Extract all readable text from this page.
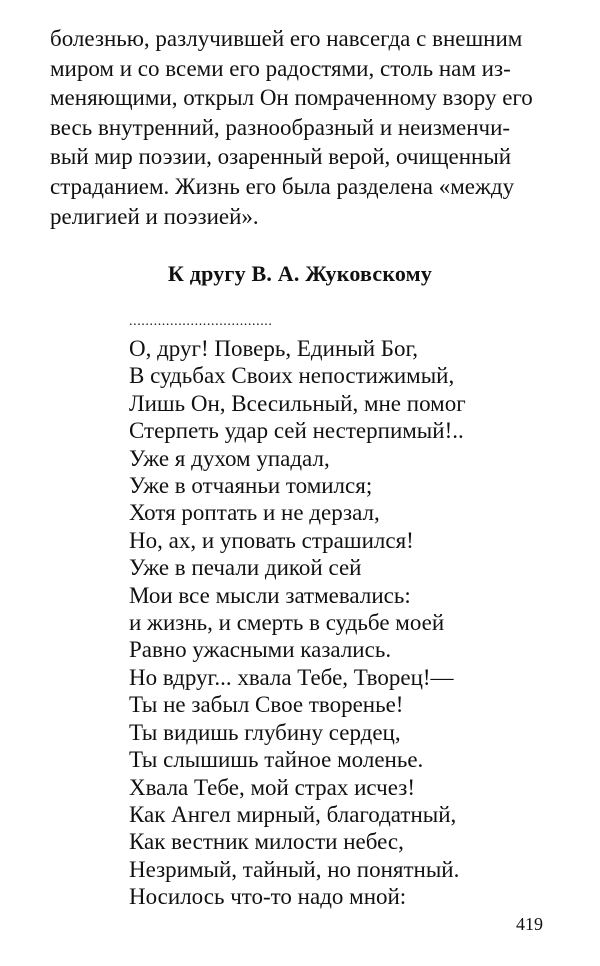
болезнью, разлучившей его навсегда с внешним
миром и со всеми его радостями, столь нам из-
меняющими, открыл Он помраченному взору его
весь внутренний, разнообразный и неизменчи-
вый мир поэзии, озаренный верой, очищенный
страданием. Жизнь его была разделена «между
религией и поэзией».
К другу В. А. Жуковскому
...................................
О, друг! Поверь, Единый Бог,
В судьбах Своих непостижимый,
Лишь Он, Всесильный, мне помог
Стерпеть удар сей нестерпимый!..
Уже я духом упадал,
Уже в отчаяньи томился;
Хотя роптать и не дерзал,
Но, ах, и уповать страшился!
Уже в печали дикой сей
Мои все мысли затмевались:
и жизнь, и смерть в судьбе моей
Равно ужасными казались.
Но вдруг... хвала Тебе, Творец!—
Ты не забыл Свое творенье!
Ты видишь глубину сердец,
Ты слышишь тайное моленье.
Хвала Тебе, мой страх исчез!
Как Ангел мирный, благодатный,
Как вестник милости небес,
Незримый, тайный, но понятный.
Носилось что-то надо мной:
419
